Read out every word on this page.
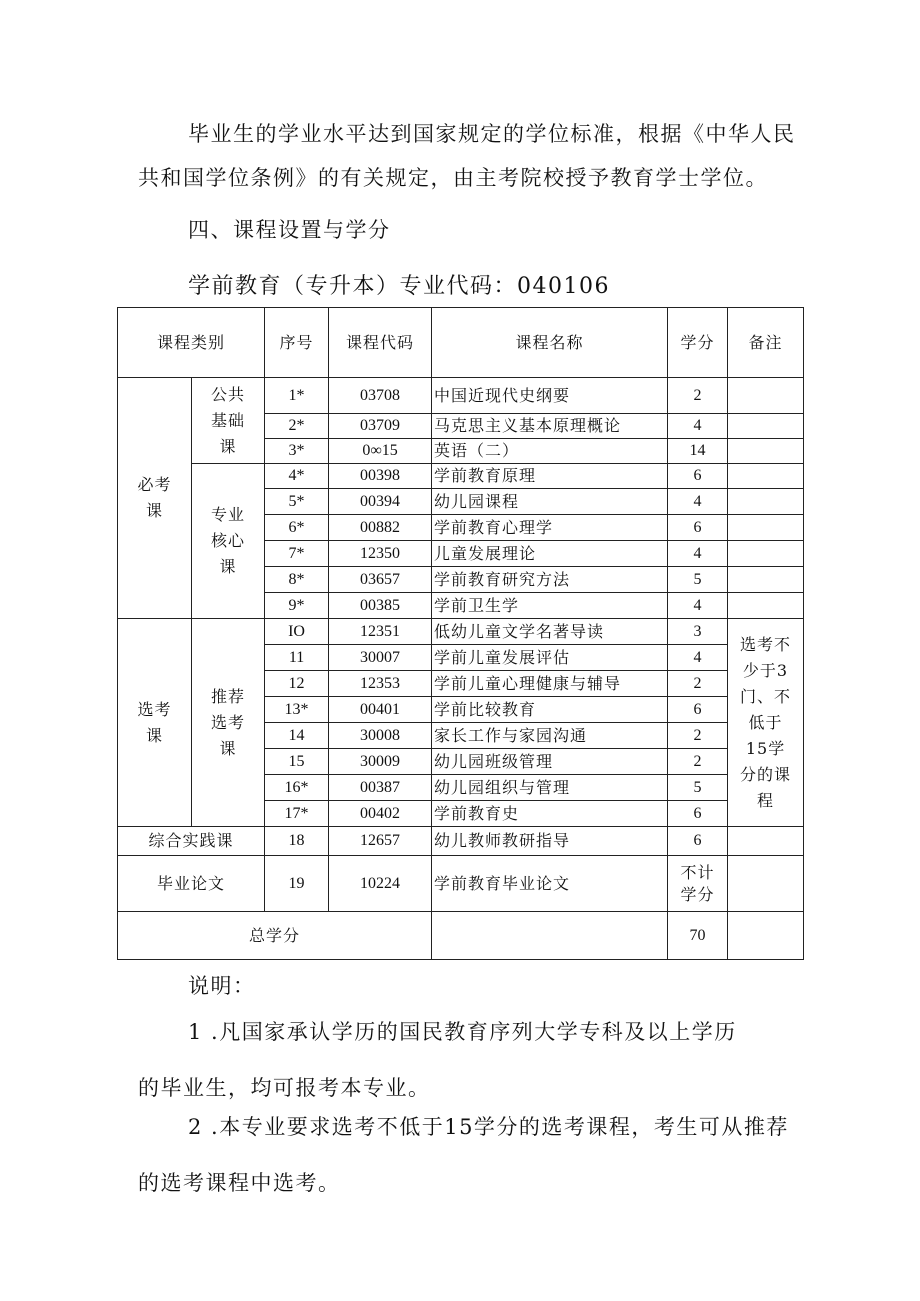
毕业生的学业水平达到国家规定的学位标准，根据《中华人民共和国学位条例》的有关规定，由主考院校授予教育学士学位。

四、课程设置与学分
学前教育（专升本）专业代码：040106
课程类别		序号	课程代码	课程名称	学分	备注
必考课	公共基础课	1*	03708	中国近现代史纲要	2	
		2*	03709	马克思主义基本原理概论	4	
		3*	0∞15	英语（二）	14	
	专业核心课	4*	00398	学前教育原理	6	
		5*	00394	幼儿园课程	4	
		6*	00882	学前教育心理学	6	
		7*	12350	儿童发展理论	4	
		8*	03657	学前教育研究方法	5	
		9*	00385	学前卫生学	4	
选考课	推荐选考课	IO	12351	低幼儿童文学名著导读	3	选考不少于3门、不低于15学分的课程
		11	30007	学前儿童发展评估	4	
		12	12353	学前儿童心理健康与辅导	2	
		13*	00401	学前比较教育	6	
		14	30008	家长工作与家园沟通	2	
		15	30009	幼儿园班级管理	2	
		16*	00387	幼儿园组织与管理	5	
		17*	00402	学前教育史	6	
综合实践课		18	12657	幼儿教师教研指导	6	
毕业论文		19	10224	学前教育毕业论文	不计学分	
总学分					70	
说明：

1 .凡国家承认学历的国民教育序列大学专科及以上学历的毕业生，均可报考本专业。

2 .本专业要求选考不低于15学分的选考课程，考生可从推荐的选考课程中选考。
